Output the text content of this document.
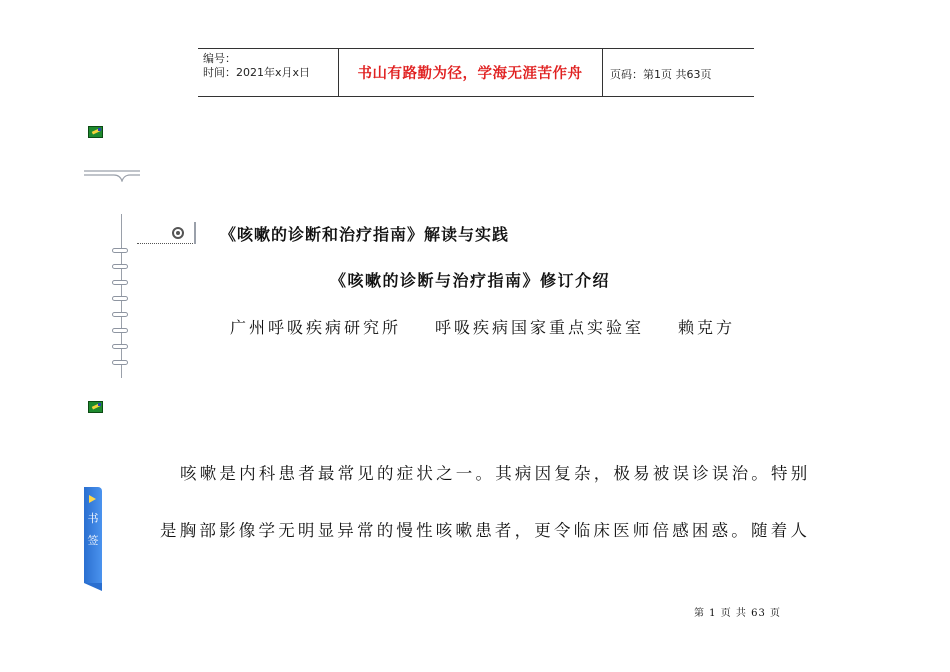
编号：
时间：2021年x月x日	书山有路勤为径，学海无涯苦作舟	页码：第1页 共63页
《咳嗽的诊断和治疗指南》解读与实践
《咳嗽的诊断与治疗指南》修订介绍
广州呼吸疾病研究所 呼吸疾病国家重点实验室 赖克方
咳嗽是内科患者最常见的症状之一。其病因复杂，极易被误诊误治。特别
是胸部影像学无明显异常的慢性咳嗽患者，更令临床医师倍感困惑。随着人
书
签
第 1 页 共 63 页
